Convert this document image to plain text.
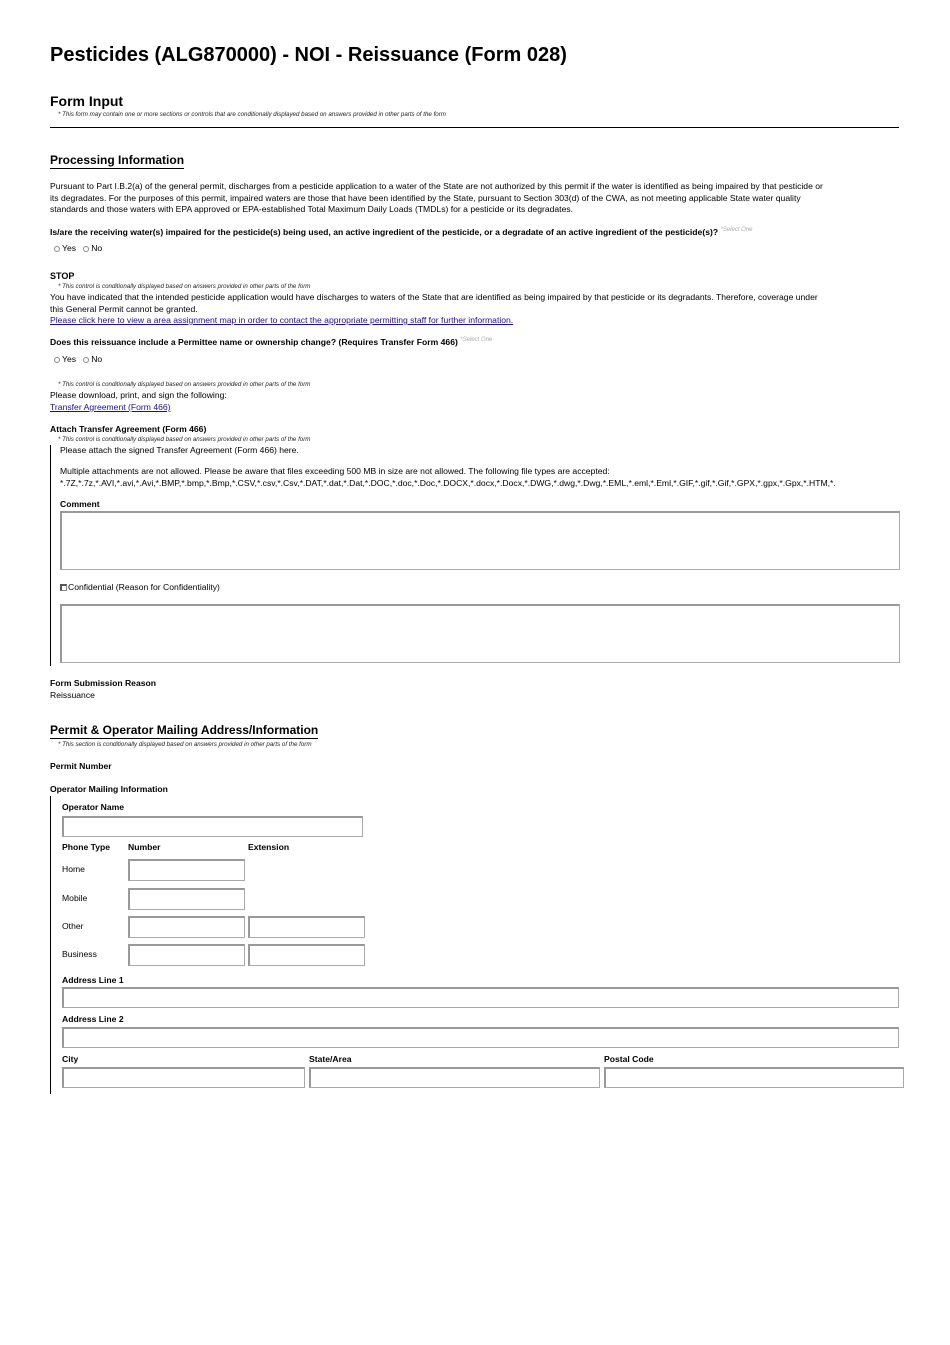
Pesticides (ALG870000) - NOI - Reissuance (Form 028)
Form Input
* This form may contain one or more sections or controls that are conditionally displayed based on answers provided in other parts of the form
Processing Information
Pursuant to Part I.B.2(a) of the general permit, discharges from a pesticide application to a water of the State are not authorized by this permit if the water is identified as being impaired by that pesticide or
its degradates. For the purposes of this permit, impaired waters are those that have been identified by the State, pursuant to Section 303(d) of the CWA, as not meeting applicable State water quality
standards and those waters with EPA approved or EPA-established Total Maximum Daily Loads (TMDLs) for a pesticide or its degradates.
Is/are the receiving water(s) impaired for the pesticide(s) being used, an active ingredient of the pesticide, or a degradate of an active ingredient of the pesticide(s)? $^{*Select One}$
Yes No
STOP
* This control is conditionally displayed based on answers provided in other parts of the form
You have indicated that the intended pesticide application would have discharges to waters of the State that are identified as being impaired by that pesticide or its degradants. Therefore, coverage under
this General Permit cannot be granted.
Please click here to view a area assignment map in order to contact the appropriate permitting staff for further information.
Does this reissuance include a Permittee name or ownership change? (Requires Transfer Form 466) $^{*Select One}$
Yes No
* This control is conditionally displayed based on answers provided in other parts of the form
Please download, print, and sign the following:
Transfer Agreement (Form 466)
Attach Transfer Agreement (Form 466)
* This control is conditionally displayed based on answers provided in other parts of the form
Please attach the signed Transfer Agreement (Form 466) here.
Multiple attachments are not allowed. Please be aware that files exceeding 500 MB in size are not allowed. The following file types are accepted:
*.7Z,*.7z,*.AVI,*.avi,*.Avi,*.BMP,*.bmp,*.Bmp,*.CSV,*.csv,*.Csv,*.DAT,*.dat,*.Dat,*.DOC,*.doc,*.Doc,*.DOCX,*.docx,*.Docx,*.DWG,*.dwg,*.Dwg,*.EML,*.eml,*.Eml,*.GIF,*.gif,*.Gif,*.GPX,*.gpx,*.Gpx,*.HTM,*.
Comment
Confidential (Reason for Confidentiality)
Form Submission Reason
Reissuance
Permit & Operator Mailing Address/Information
* This section is conditionally displayed based on answers provided in other parts of the form
Permit Number
Operator Mailing Information
Operator Name
Phone Type Number	Extension
Home
Mobile
Other
Business
Address Line 1
Address Line 2
City	State/Area	Postal Code
